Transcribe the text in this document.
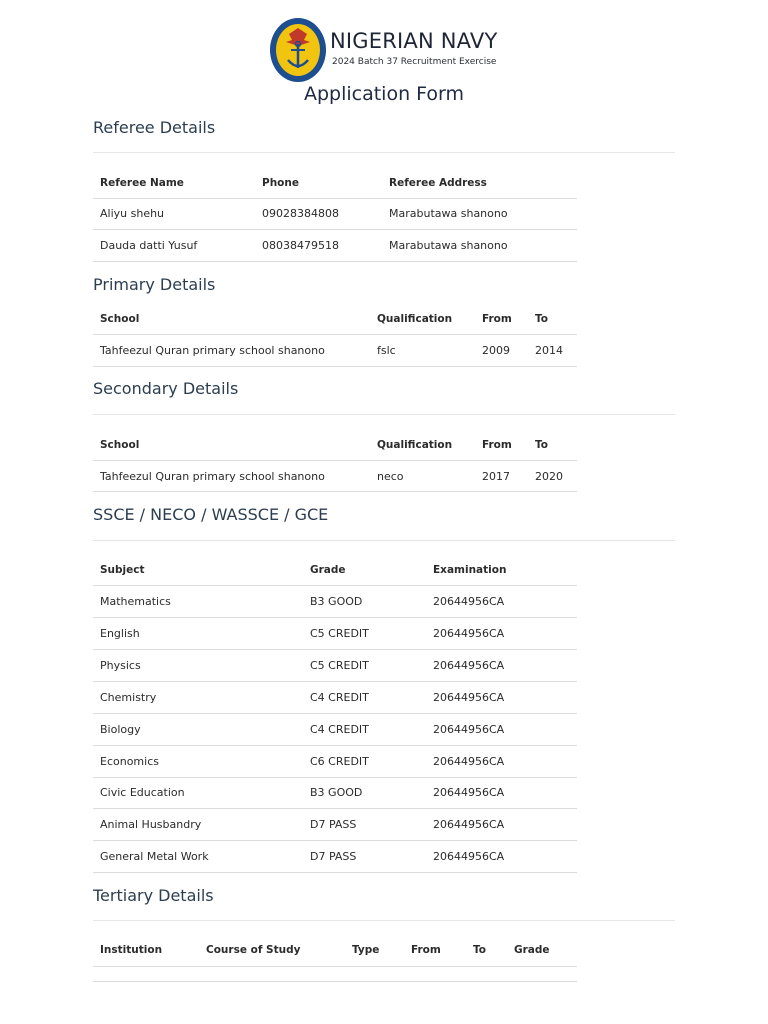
NIGERIAN NAVY
2024 Batch 37 Recruitment Exercise
Application Form
Referee Details
Referee Name	Phone	Referee Address
Aliyu shehu	09028384808	Marabutawa shanono
Dauda datti Yusuf	08038479518	Marabutawa shanono
Primary Details
School	Qualification	From To
Tahfeezul Quran primary school shanono	fslc	2009 2014
Secondary Details
School	Qualification	From To
Tahfeezul Quran primary school shanono	neco	2017 2020
SSCE / NECO / WASSCE / GCE
Subject	Grade	Examination
Mathematics	B3 GOOD	20644956CA
English	C5 CREDIT	20644956CA
Physics	C5 CREDIT	20644956CA
Chemistry	C4 CREDIT	20644956CA
Biology	C4 CREDIT	20644956CA
Economics	C6 CREDIT	20644956CA
Civic Education	B3 GOOD	20644956CA
Animal Husbandry	D7 PASS	20644956CA
General Metal Work	D7 PASS	20644956CA
Tertiary Details
Institution	Course of Study	Type	From	To	Grade
